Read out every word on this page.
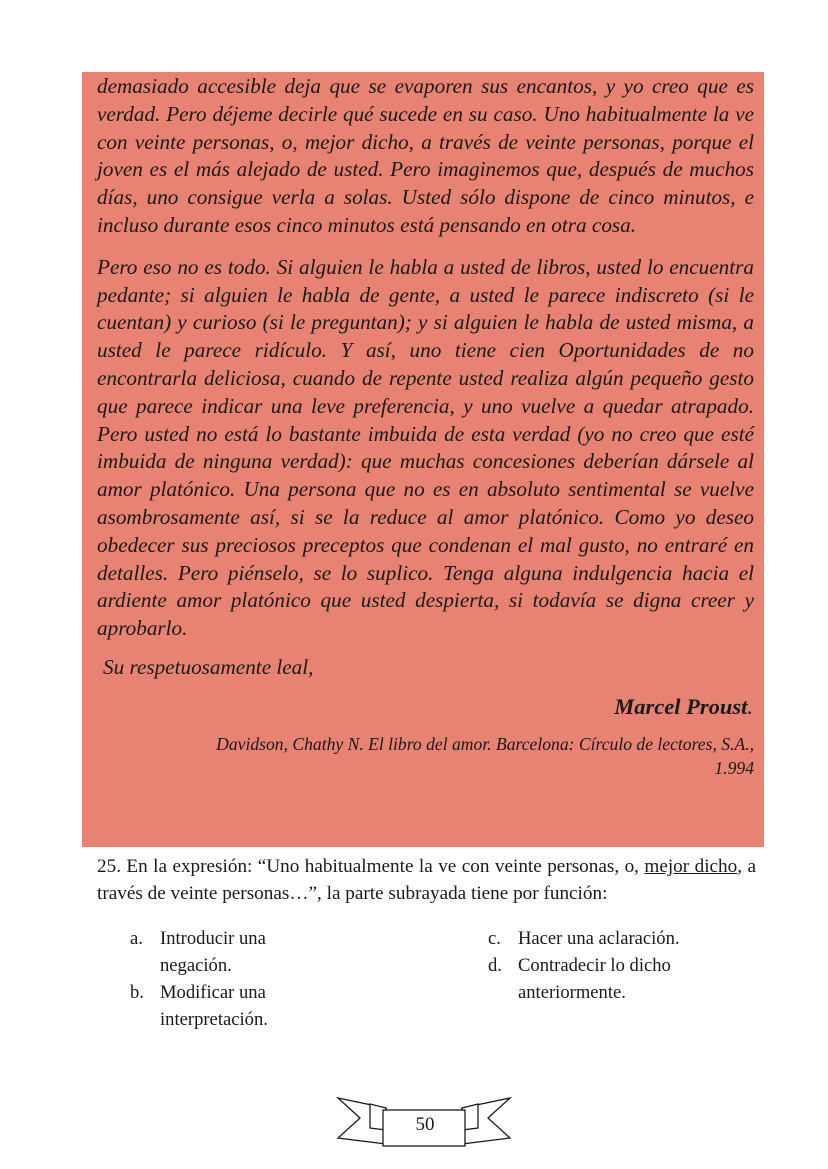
demasiado accesible deja que se evaporen sus encantos, y yo creo que es verdad. Pero déjeme decirle qué sucede en su caso. Uno habitualmente la ve con veinte personas, o, mejor dicho, a través de veinte personas, porque el joven es el más alejado de usted. Pero imaginemos que, después de muchos días, uno consigue verla a solas. Usted sólo dispone de cinco minutos, e incluso durante esos cinco minutos está pensando en otra cosa.

Pero eso no es todo. Si alguien le habla a usted de libros, usted lo encuentra pedante; si alguien le habla de gente, a usted le parece indiscreto (si le cuentan) y curioso (si le preguntan); y si alguien le habla de usted misma, a usted le parece ridículo. Y así, uno tiene cien Oportunidades de no encontrarla deliciosa, cuando de repente usted realiza algún pequeño gesto que parece indicar una leve preferencia, y uno vuelve a quedar atrapado. Pero usted no está lo bastante imbuida de esta verdad (yo no creo que esté imbuida de ninguna verdad): que muchas concesiones deberían dársele al amor platónico. Una persona que no es en absoluto sentimental se vuelve asombrosamente así, si se la reduce al amor platónico. Como yo deseo obedecer sus preciosos preceptos que condenan el mal gusto, no entraré en detalles. Pero piénselo, se lo suplico. Tenga alguna indulgencia hacia el ardiente amor platónico que usted despierta, si todavía se digna creer y aprobarlo.

Su respetuosamente leal,
Marcel Proust.
Davidson, Chathy N. El libro del amor. Barcelona: Círculo de lectores, S.A.,
1.994

25. En la expresión: “Uno habitualmente la ve con veinte personas, o, mejor dicho, a través de veinte personas…”, la parte subrayada tiene por función:

a. Introducir una negación.
b. Modificar una interpretación.
c. Hacer una aclaración.
d. Contradecir lo dicho anteriormente.
50
